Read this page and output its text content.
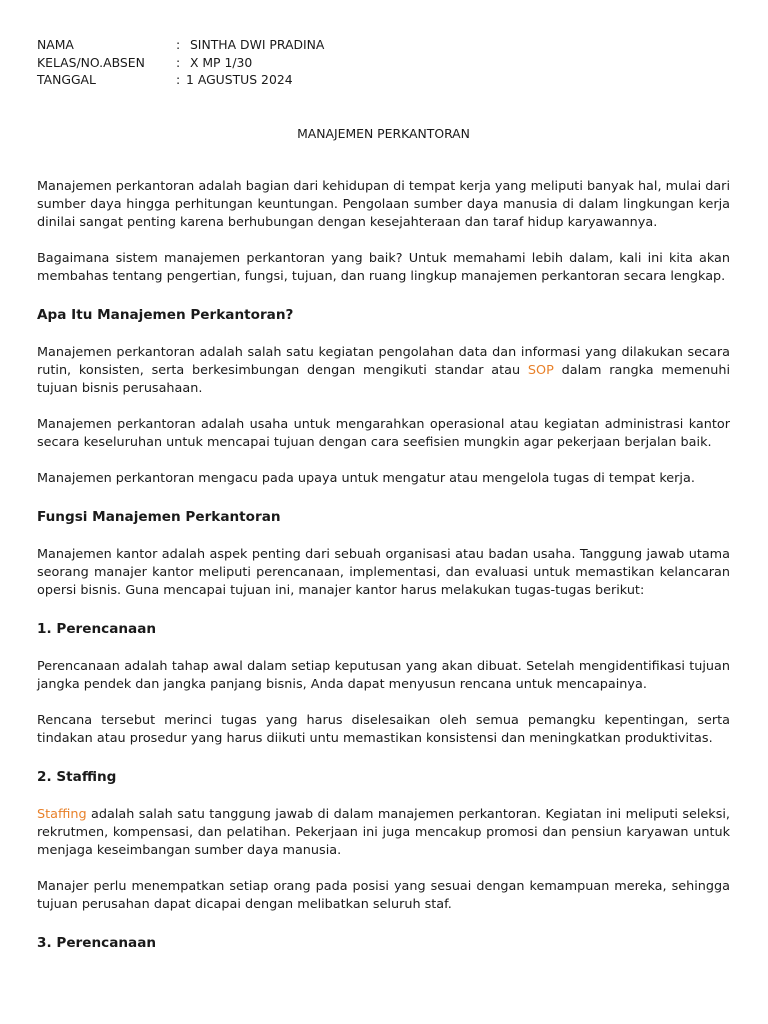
NAMA	: SINTHA DWI PRADINA
KELAS/NO.ABSEN	: X MP 1/30
TANGGAL	: 1 AGUSTUS 2024
MANAJEMEN PERKANTORAN

Manajemen perkantoran adalah bagian dari kehidupan di tempat kerja yang meliputi banyak hal, mulai dari sumber daya hingga perhitungan keuntungan. Pengolaan sumber daya manusia di dalam lingkungan kerja dinilai sangat penting karena berhubungan dengan kesejahteraan dan taraf hidup karyawannya.

Bagaimana sistem manajemen perkantoran yang baik? Untuk memahami lebih dalam, kali ini kita akan membahas tentang pengertian, fungsi, tujuan, dan ruang lingkup manajemen perkantoran secara lengkap.

Apa Itu Manajemen Perkantoran?

Manajemen perkantoran adalah salah satu kegiatan pengolahan data dan informasi yang dilakukan secara rutin, konsisten, serta berkesimbungan dengan mengikuti standar atau SOP dalam rangka memenuhi tujuan bisnis perusahaan.

Manajemen perkantoran adalah usaha untuk mengarahkan operasional atau kegiatan administrasi kantor secara keseluruhan untuk mencapai tujuan dengan cara seefisien mungkin agar pekerjaan berjalan baik.

Manajemen perkantoran mengacu pada upaya untuk mengatur atau mengelola tugas di tempat kerja.

Fungsi Manajemen Perkantoran

Manajemen kantor adalah aspek penting dari sebuah organisasi atau badan usaha. Tanggung jawab utama seorang manajer kantor meliputi perencanaan, implementasi, dan evaluasi untuk memastikan kelancaran opersi bisnis. Guna mencapai tujuan ini, manajer kantor harus melakukan tugas-tugas berikut:

1. Perencanaan

Perencanaan adalah tahap awal dalam setiap keputusan yang akan dibuat. Setelah mengidentifikasi tujuan jangka pendek dan jangka panjang bisnis, Anda dapat menyusun rencana untuk mencapainya.

Rencana tersebut merinci tugas yang harus diselesaikan oleh semua pemangku kepentingan, serta tindakan atau prosedur yang harus diikuti untu memastikan konsistensi dan meningkatkan produktivitas.

2. Staffing

Staffing adalah salah satu tanggung jawab di dalam manajemen perkantoran. Kegiatan ini meliputi seleksi, rekrutmen, kompensasi, dan pelatihan. Pekerjaan ini juga mencakup promosi dan pensiun karyawan untuk menjaga keseimbangan sumber daya manusia.

Manajer perlu menempatkan setiap orang pada posisi yang sesuai dengan kemampuan mereka, sehingga tujuan perusahan dapat dicapai dengan melibatkan seluruh staf.

3. Perencanaan
